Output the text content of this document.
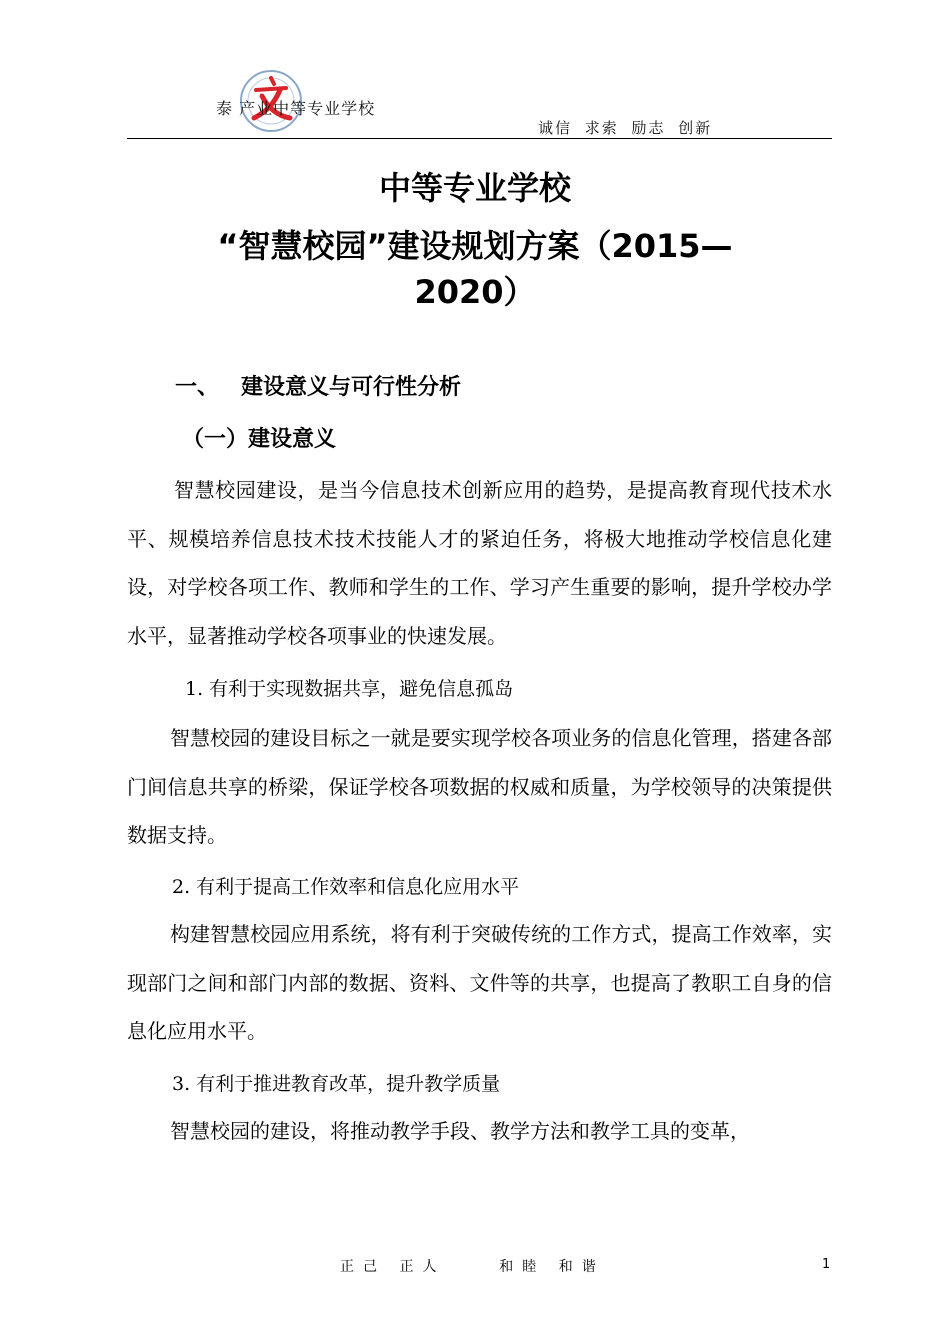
泰 产业中等专业学校
诚信 求索 励志 创新
中等专业学校
“智慧校园”建设规划方案（2015—
2020）
一、 建设意义与可行性分析
（一）建设意义
智慧校园建设，是当今信息技术创新应用的趋势，是提高教育现代技术水平、规模培养信息技术技术技能人才的紧迫任务，将极大地推动学校信息化建设，对学校各项工作、教师和学生的工作、学习产生重要的影响，提升学校办学水平，显著推动学校各项事业的快速发展。
1. 有利于实现数据共享，避免信息孤岛
智慧校园的建设目标之一就是要实现学校各项业务的信息化管理，搭建各部门间信息共享的桥梁，保证学校各项数据的权威和质量，为学校领导的决策提供数据支持。
2. 有利于提高工作效率和信息化应用水平
构建智慧校园应用系统，将有利于突破传统的工作方式，提高工作效率，实现部门之间和部门内部的数据、资料、文件等的共享，也提高了教职工自身的信息化应用水平。
3. 有利于推进教育改革，提升教学质量
智慧校园的建设，将推动教学手段、教学方法和教学工具的变革，
正己 正人    和睦 和谐	1
